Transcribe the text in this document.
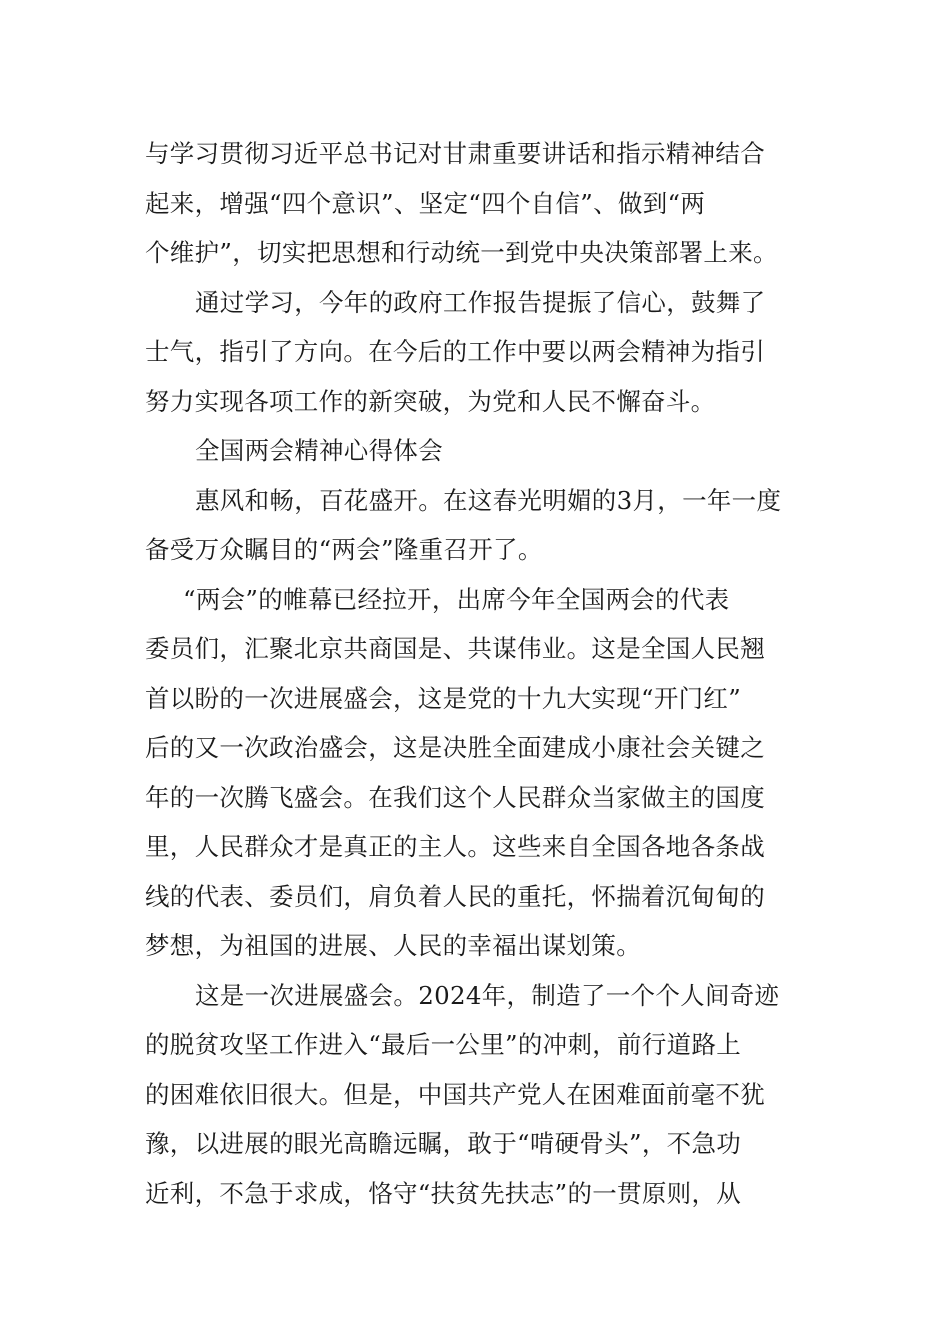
与学习贯彻习近平总书记对甘肃重要讲话和指示精神结合
起来，增强“四个意识”、坚定“四个自信”、做到“两
个维护”，切实把思想和行动统一到党中央决策部署上来。
通过学习，今年的政府工作报告提振了信心，鼓舞了
士气，指引了方向。在今后的工作中要以两会精神为指引
努力实现各项工作的新突破，为党和人民不懈奋斗。
全国两会精神心得体会
惠风和畅，百花盛开。在这春光明媚的3月，一年一度
备受万众瞩目的“两会”隆重召开了。
“两会”的帷幕已经拉开，出席今年全国两会的代表
委员们，汇聚北京共商国是、共谋伟业。这是全国人民翘
首以盼的一次进展盛会，这是党的十九大实现“开门红”
后的又一次政治盛会，这是决胜全面建成小康社会关键之
年的一次腾飞盛会。在我们这个人民群众当家做主的国度
里，人民群众才是真正的主人。这些来自全国各地各条战
线的代表、委员们，肩负着人民的重托，怀揣着沉甸甸的
梦想，为祖国的进展、人民的幸福出谋划策。
这是一次进展盛会。2024年，制造了一个个人间奇迹
的脱贫攻坚工作进入“最后一公里”的冲刺，前行道路上
的困难依旧很大。但是，中国共产党人在困难面前毫不犹
豫，以进展的眼光高瞻远瞩，敢于“啃硬骨头”，不急功
近利，不急于求成，恪守“扶贫先扶志”的一贯原则，从
